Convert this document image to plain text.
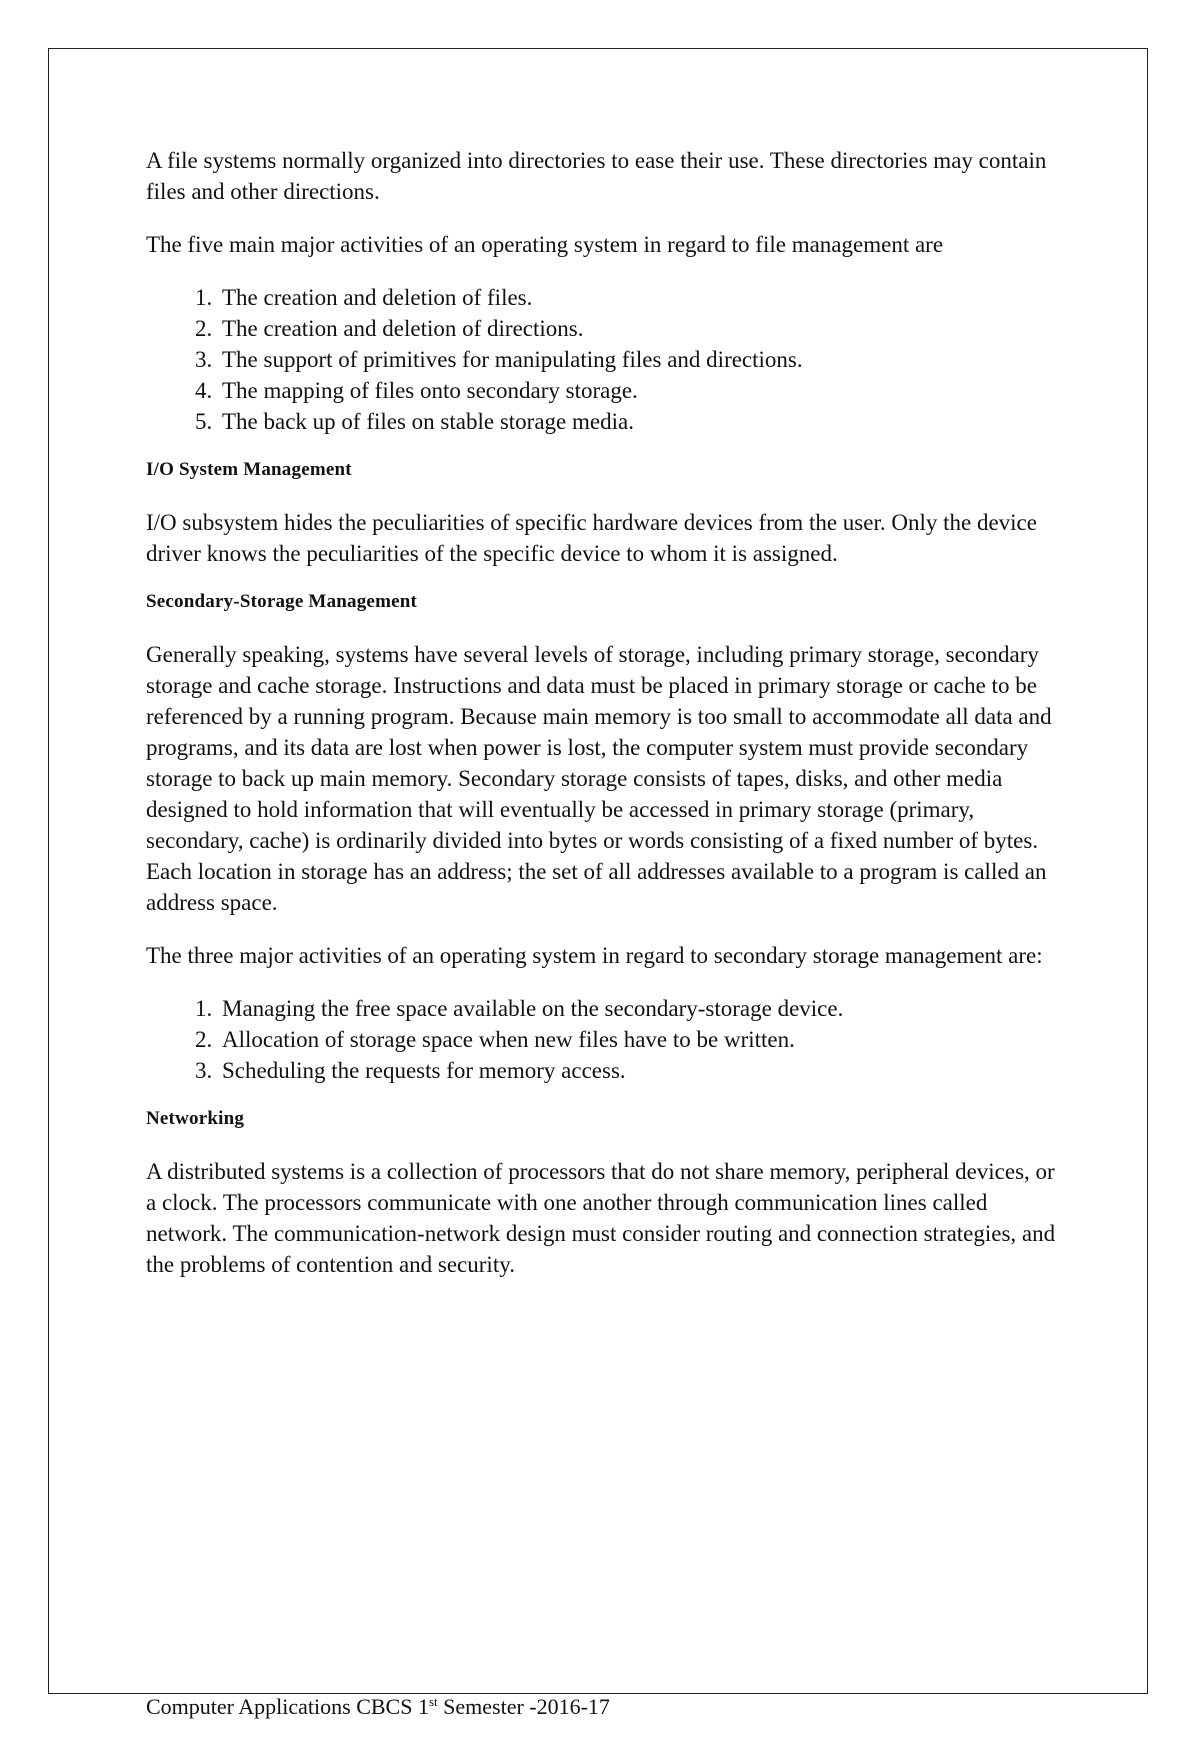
A file systems normally organized into directories to ease their use. These directories may contain files and other directions.

The five main major activities of an operating system in regard to file management are

1. The creation and deletion of files.
2. The creation and deletion of directions.
3. The support of primitives for manipulating files and directions.
4. The mapping of files onto secondary storage.
5. The back up of files on stable storage media.
I/O System Management

I/O subsystem hides the peculiarities of specific hardware devices from the user. Only the device driver knows the peculiarities of the specific device to whom it is assigned.

Secondary-Storage Management

Generally speaking, systems have several levels of storage, including primary storage, secondary storage and cache storage. Instructions and data must be placed in primary storage or cache to be referenced by a running program. Because main memory is too small to accommodate all data and programs, and its data are lost when power is lost, the computer system must provide secondary storage to back up main memory. Secondary storage consists of tapes, disks, and other media designed to hold information that will eventually be accessed in primary storage (primary, secondary, cache) is ordinarily divided into bytes or words consisting of a fixed number of bytes. Each location in storage has an address; the set of all addresses available to a program is called an address space.

The three major activities of an operating system in regard to secondary storage management are:

1. Managing the free space available on the secondary-storage device.
2. Allocation of storage space when new files have to be written.
3. Scheduling the requests for memory access.
Networking

A distributed systems is a collection of processors that do not share memory, peripheral devices, or a clock. The processors communicate with one another through communication lines called network. The communication-network design must consider routing and connection strategies, and the problems of contention and security.

Computer Applications CBCS 1st Semester -2016-17
